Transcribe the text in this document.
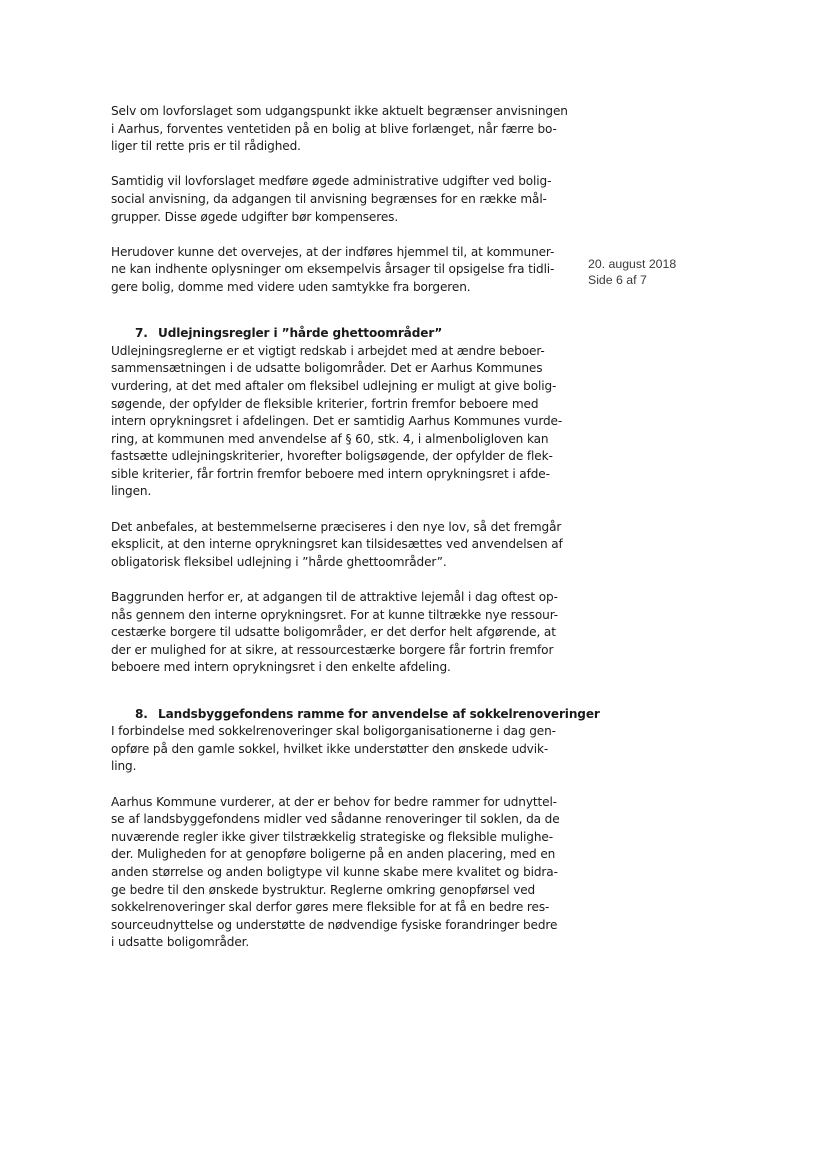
20. august 2018
Side 6 af 7
Selv om lovforslaget som udgangspunkt ikke aktuelt begrænser anvisningen
i Aarhus, forventes ventetiden på en bolig at blive forlænget, når færre bo-
liger til rette pris er til rådighed.
Samtidig vil lovforslaget medføre øgede administrative udgifter ved bolig-
social anvisning, da adgangen til anvisning begrænses for en række mål-
grupper. Disse øgede udgifter bør kompenseres.
Herudover kunne det overvejes, at der indføres hjemmel til, at kommuner-
ne kan indhente oplysninger om eksempelvis årsager til opsigelse fra tidli-
gere bolig, domme med videre uden samtykke fra borgeren.
7. Udlejningsregler i ”hårde ghettoområder”
Udlejningsreglerne er et vigtigt redskab i arbejdet med at ændre beboer-
sammensætningen i de udsatte boligområder. Det er Aarhus Kommunes
vurdering, at det med aftaler om fleksibel udlejning er muligt at give bolig-
søgende, der opfylder de fleksible kriterier, fortrin fremfor beboere med
intern oprykningsret i afdelingen. Det er samtidig Aarhus Kommunes vurde-
ring, at kommunen med anvendelse af § 60, stk. 4, i almenboligloven kan
fastsætte udlejningskriterier, hvorefter boligsøgende, der opfylder de flek-
sible kriterier, får fortrin fremfor beboere med intern oprykningsret i afde-
lingen.
Det anbefales, at bestemmelserne præciseres i den nye lov, så det fremgår
eksplicit, at den interne oprykningsret kan tilsidesættes ved anvendelsen af
obligatorisk fleksibel udlejning i ”hårde ghettoområder”.
Baggrunden herfor er, at adgangen til de attraktive lejemål i dag oftest op-
nås gennem den interne oprykningsret. For at kunne tiltrække nye ressour-
cestærke borgere til udsatte boligområder, er det derfor helt afgørende, at
der er mulighed for at sikre, at ressourcestærke borgere får fortrin fremfor
beboere med intern oprykningsret i den enkelte afdeling.
8. Landsbyggefondens ramme for anvendelse af sokkelrenoveringer
I forbindelse med sokkelrenoveringer skal boligorganisationerne i dag gen-
opføre på den gamle sokkel, hvilket ikke understøtter den ønskede udvik-
ling.
Aarhus Kommune vurderer, at der er behov for bedre rammer for udnyttel-
se af landsbyggefondens midler ved sådanne renoveringer til soklen, da de
nuværende regler ikke giver tilstrækkelig strategiske og fleksible mulighe-
der. Muligheden for at genopføre boligerne på en anden placering, med en
anden størrelse og anden boligtype vil kunne skabe mere kvalitet og bidra-
ge bedre til den ønskede bystruktur. Reglerne omkring genopførsel ved
sokkelrenoveringer skal derfor gøres mere fleksible for at få en bedre res-
sourceudnyttelse og understøtte de nødvendige fysiske forandringer bedre
i udsatte boligområder.
